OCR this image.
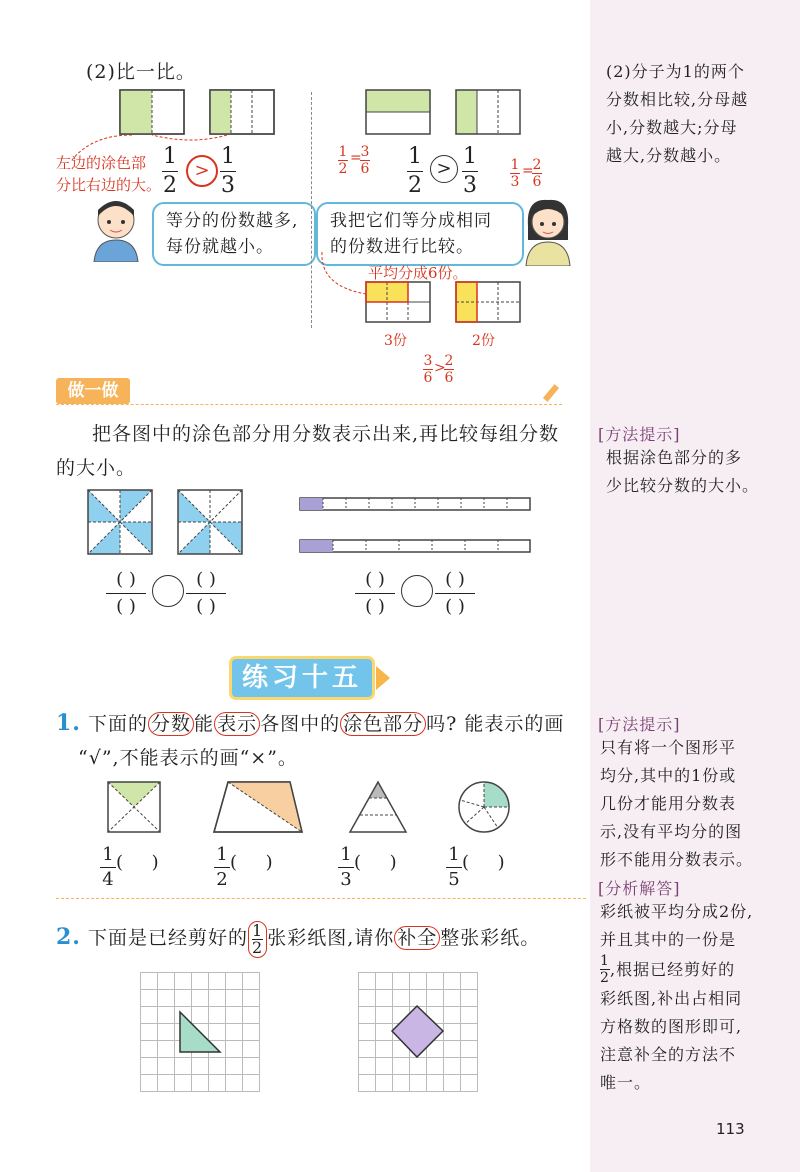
(2)比一比。
左边的涂色部
分比右边的大。
1
2
>
1
3
等分的份数越多,
每份就越小。
1
2
=
3
6 1
2
> 1
3
1
3
=
2
6
我把它们等分成相同
的份数进行比较。
平均分成6份。
3份	2份
3
6
>
2
6
做一做
把各图中的涂色部分用分数表示出来,再比较每组分数
的大小。
( )
( )
( )
( )
( )
( )
( )
( )
练习十五
1. 下面的 分数 能 表示 各图中的 涂色部分 吗? 能表示的画
“√”,不能表示的画“×”。
1
4
(     )	1
2
(     )	1
3
(     )	1
5
(     )
2. 下面是已经剪好的 $\frac{1}{2}$ 张彩纸图,请你 补全 整张彩纸。
(2)分子为1的两个
分数相比较,分母越
小,分数越大;分母
越大,分数越小。
[方法提示]
根据涂色部分的多
少比较分数的大小。
[方法提示]
只有将一个图形平
均分,其中的1份或
几份才能用分数表
示,没有平均分的图
形不能用分数表示。
[分析解答]
彩纸被平均分成2份,
并且其中的一份是
1
2 ,根据已经剪好的
彩纸图,补出占相同
方格数的图形即可,
注意补全的方法不
唯一。
113
